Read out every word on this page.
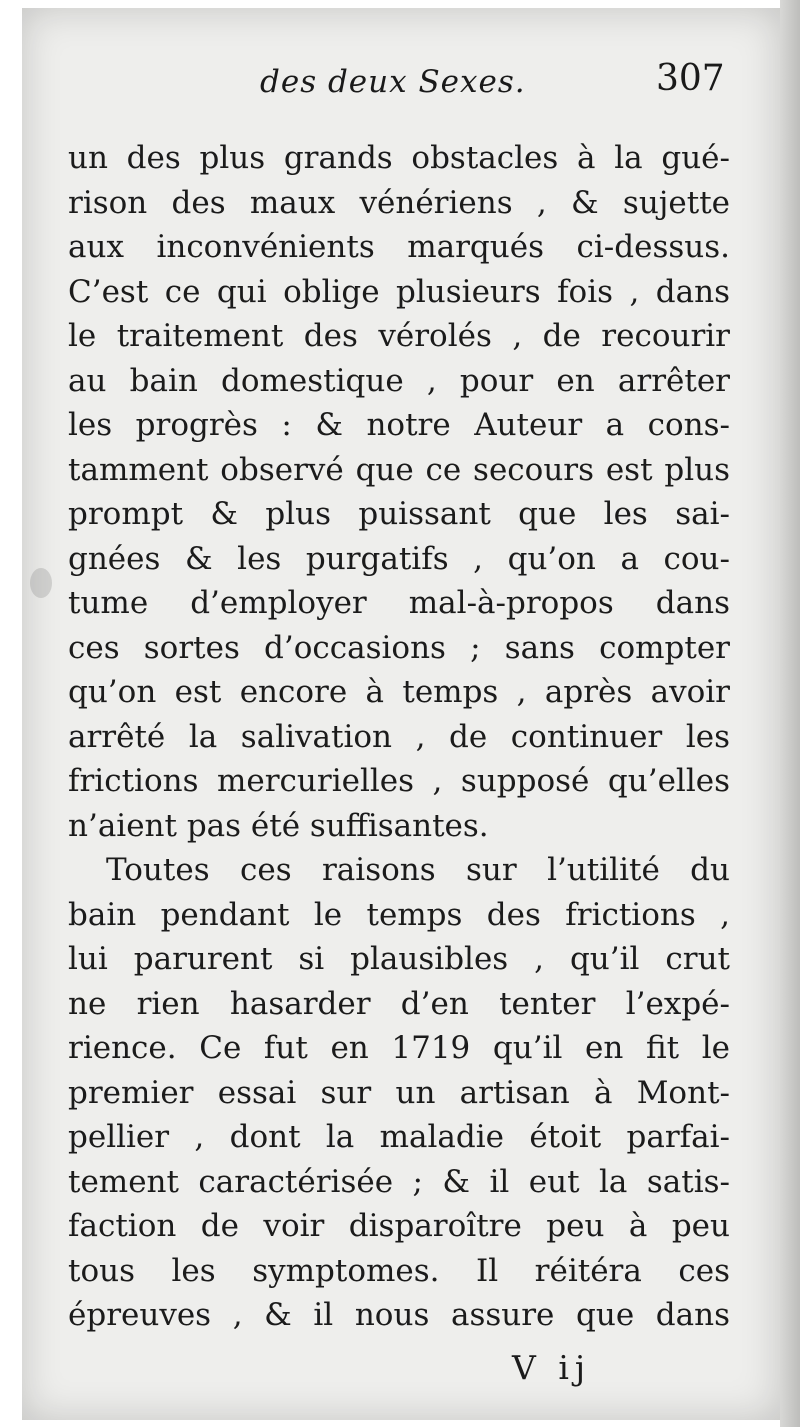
des deux Sexes.	307
un des plus grands obstacles à la gué-
rison des maux vénériens , & sujette
aux inconvénients marqués ci-dessus.
C’est ce qui oblige plusieurs fois , dans
le traitement des vérolés , de recourir
au bain domestique , pour en arrêter
les progrès : & notre Auteur a cons-
tamment observé que ce secours est plus
prompt & plus puissant que les sai-
gnées & les purgatifs , qu’on a cou-
tume d’employer mal-à-propos dans
ces sortes d’occasions ; sans compter
qu’on est encore à temps , après avoir
arrêté la salivation , de continuer les
frictions mercurielles , supposé qu’elles
n’aient pas été suffisantes.
Toutes ces raisons sur l’utilité du
bain pendant le temps des frictions ,
lui parurent si plausibles , qu’il crut
ne rien hasarder d’en tenter l’expé-
rience. Ce fut en 1719 qu’il en fit le
premier essai sur un artisan à Mont-
pellier , dont la maladie étoit parfai-
tement caractérisée ; & il eut la satis-
faction de voir disparoître peu à peu
tous les symptomes. Il réitéra ces
épreuves , & il nous assure que dans
V ij
